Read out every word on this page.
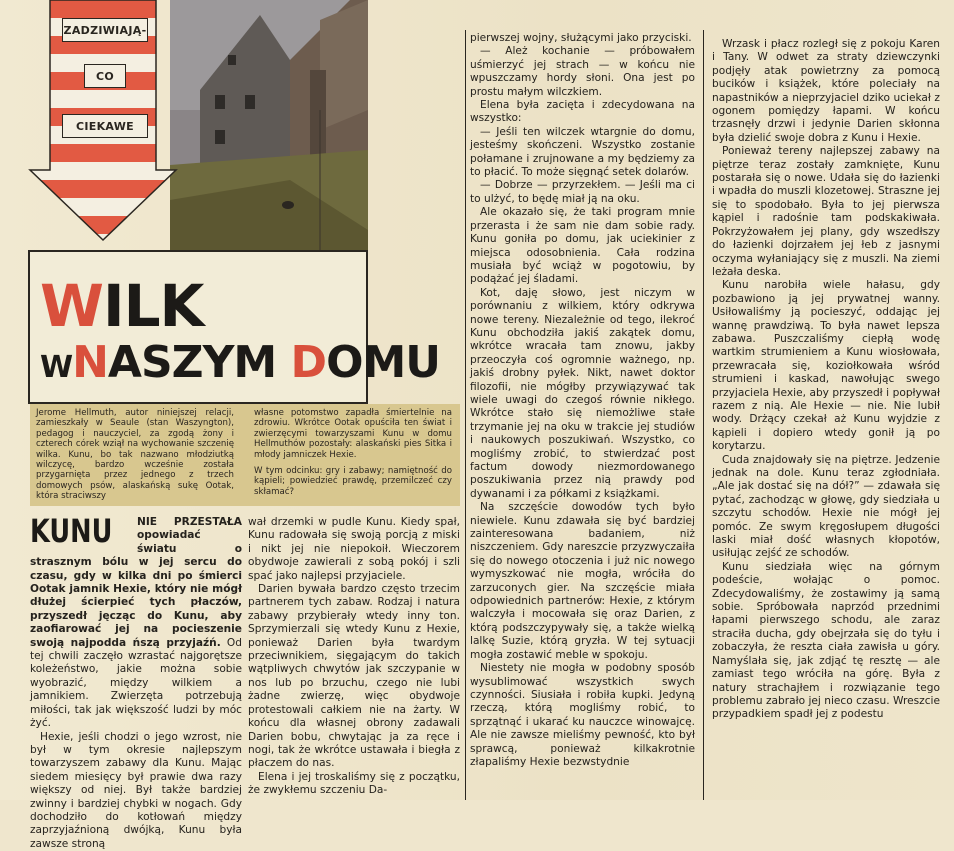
ZADZIWIAJĄ-
CO
CIEKAWE
WILK
WNASZYM DOMU

Jerome Hellmuth, autor niniejszej relacji, zamieszkały w Seaule (stan Waszyngton), pedagog i nauczyciel, za zgodą żony i czterech córek wziął na wychowanie szczenię wilka. Kunu, bo tak nazwano młodziutką wilczycę, bardzo wcześnie została przygarnięta przez jednego z trzech domowych psów, alaskańską sukę Ootak, która straciwszy

własne potomstwo zapadła śmiertelnie na zdrowiu. Wkrótce Ootak opuściła ten świat i zwierzęcymi towarzyszami Kunu w domu Hellmuthów pozostały: alaskański pies Sitka i młody jamniczek Hexie.

W tym odcinku: gry i zabawy; namiętność do kąpieli; powiedzieć prawdę, przemilczeć czy skłamać?

KUNU NIE PRZESTAŁA opowiadać światu o strasznym bólu w jej sercu do czasu, gdy w kilka dni po śmierci Ootak jamnik Hexie, który nie mógł dłużej ścierpieć tych płaczów, przyszedł jęcząc do Kunu, aby zaofiarować jej na pocieszenie swoją najpodda ńszą przyjaźń. Od tej chwili zaczęło wzrastać najgorętsze koleżeństwo, jakie można sobie wyobrazić, między wilkiem a jamnikiem. Zwierzęta potrzebują miłości, tak jak większość ludzi by móc żyć.

Hexie, jeśli chodzi o jego wzrost, nie był w tym okresie najlepszym towarzyszem zabawy dla Kunu. Mając siedem miesięcy był prawie dwa razy większy od niej. Był także bardziej zwinny i bardziej chybki w nogach. Gdy dochodziło do kotłowań między zaprzyjaźnioną dwójką, Kunu była zawsze stroną

wał drzemki w pudle Kunu. Kiedy spał, Kunu radowała się swoją porcją z miski i nikt jej nie niepokoił. Wieczorem obydwoje zawierali z sobą pokój i szli spać jako najlepsi przyjaciele.

Darien bywała bardzo często trzecim partnerem tych zabaw. Rodzaj i natura zabawy przybierały wtedy inny ton. Sprzymierzali się wtedy Kunu z Hexie, ponieważ Darien była twardym przeciwnikiem, sięgającym do takich wątpliwych chwytów jak szczypanie w nos lub po brzuchu, czego nie lubi żadne zwierzę, więc obydwoje protestowali całkiem nie na żarty. W końcu dla własnej obrony zadawali Darien bobu, chwytając ja za ręce i nogi, tak że wkrótce ustawała i biegła z płaczem do nas.

Elena i jej troskaliśmy się z początku, że zwykłemu szczeniu Da-

pierwszej wojny, służącymi jako przyciski.

— Ależ kochanie — próbowałem uśmierzyć jej strach — w końcu nie wpuszczamy hordy słoni. Ona jest po prostu małym wilczkiem.

Elena była zacięta i zdecydowana na wszystko:

— Jeśli ten wilczek wtargnie do domu, jesteśmy skończeni. Wszystko zostanie połamane i zrujnowane a my będziemy za to płacić. To może sięgnąć setek dolarów.

— Dobrze — przyrzekłem. — Jeśli ma ci to ulżyć, to będę miał ją na oku.

Ale okazało się, że taki program mnie przerasta i że sam nie dam sobie rady. Kunu goniła po domu, jak uciekinier z miejsca odosobnienia. Cała rodzina musiała być wciąż w pogotowiu, by podążać jej śladami.

Kot, daję słowo, jest niczym w porównaniu z wilkiem, który odkrywa nowe tereny. Niezależnie od tego, ilekroć Kunu obchodziła jakiś zakątek domu, wkrótce wracała tam znowu, jakby przeoczyła coś ogromnie ważnego, np. jakiś drobny pyłek. Nikt, nawet doktor filozofii, nie mógłby przywiązywać tak wiele uwagi do czegoś równie nikłego. Wkrótce stało się niemożliwe stałe trzymanie jej na oku w trakcie jej studiów i naukowych poszukiwań. Wszystko, co mogliśmy zrobić, to stwierdzać post factum dowody niezmordowanego poszukiwania przez nią prawdy pod dywanami i za półkami z książkami.

Na szczęście dowodów tych było niewiele. Kunu zdawała się być bardziej zainteresowana badaniem, niż niszczeniem. Gdy nareszcie przyzwyczaiła się do nowego otoczenia i już nic nowego wymyszkować nie mogła, wróciła do zarzuconych gier. Na szczęście miała odpowiednich partnerów: Hexie, z którym walczyła i mocowała się oraz Darien, z którą podszczypywały się, a także wielką lalkę Suzie, którą gryzła. W tej sytuacji mogła zostawić meble w spokoju.

Niestety nie mogła w podobny sposób wysublimować wszystkich swych czynności. Siusiała i robiła kupki. Jedyną rzeczą, którą mogliśmy robić, to sprzątnąć i ukarać ku nauczce winowajcę. Ale nie zawsze mieliśmy pewność, kto był sprawcą, ponieważ kilkakrotnie złapaliśmy Hexie bezwstydnie

Wrzask i płacz rozległ się z pokoju Karen i Tany. W odwet za straty dziewczynki podjęły atak powietrzny za pomocą bucików i książek, które poleciały na napastników a nieprzyjaciel dziko uciekał z ogonem pomiędzy łapami. W końcu trzasnęły drzwi i jedynie Darien skłonna była dzielić swoje dobra z Kunu i Hexie.

Ponieważ tereny najlepszej zabawy na piętrze teraz zostały zamknięte, Kunu postarała się o nowe. Udała się do łazienki i wpadła do muszli klozetowej. Straszne jej się to spodobało. Była to jej pierwsza kąpiel i radośnie tam podskakiwała. Pokrzyżowałem jej plany, gdy wszedłszy do łazienki dojrzałem jej łeb z jasnymi oczyma wyłaniający się z muszli. Na ziemi leżała deska.

Kunu narobiła wiele hałasu, gdy pozbawiono ją jej prywatnej wanny. Usiłowaliśmy ją pocieszyć, oddając jej wannę prawdziwą. To była nawet lepsza zabawa. Puszczaliśmy ciepłą wodę wartkim strumieniem a Kunu wiosłowała, przewracała się, koziołkowała wśród strumieni i kaskad, nawołując swego przyjaciela Hexie, aby przyszedł i popływał razem z nią. Ale Hexie — nie. Nie lubił wody. Drżący czekał aż Kunu wyjdzie z kąpieli i dopiero wtedy gonił ją po korytarzu.

Cuda znajdowały się na piętrze. Jedzenie jednak na dole. Kunu teraz zgłodniała. „Ale jak dostać się na dół?” — zdawała się pytać, zachodząc w głowę, gdy siedziała u szczytu schodów. Hexie nie mógł jej pomóc. Ze swym kręgosłupem długości laski miał dość własnych kłopotów, usiłując zejść ze schodów.

Kunu siedziała więc na górnym podeście, wołając o pomoc. Zdecydowaliśmy, że zostawimy ją samą sobie. Spróbowała naprzód przednimi łapami pierwszego schodu, ale zaraz straciła ducha, gdy obejrzała się do tyłu i zobaczyła, że reszta ciała zawisła u góry. Namyślała się, jak zdjąć tę resztę — ale zamiast tego wróciła na górę. Była z natury strachajłem i rozwiązanie tego problemu zabrało jej nieco czasu. Wreszcie przypadkiem spadł jej z podestu
